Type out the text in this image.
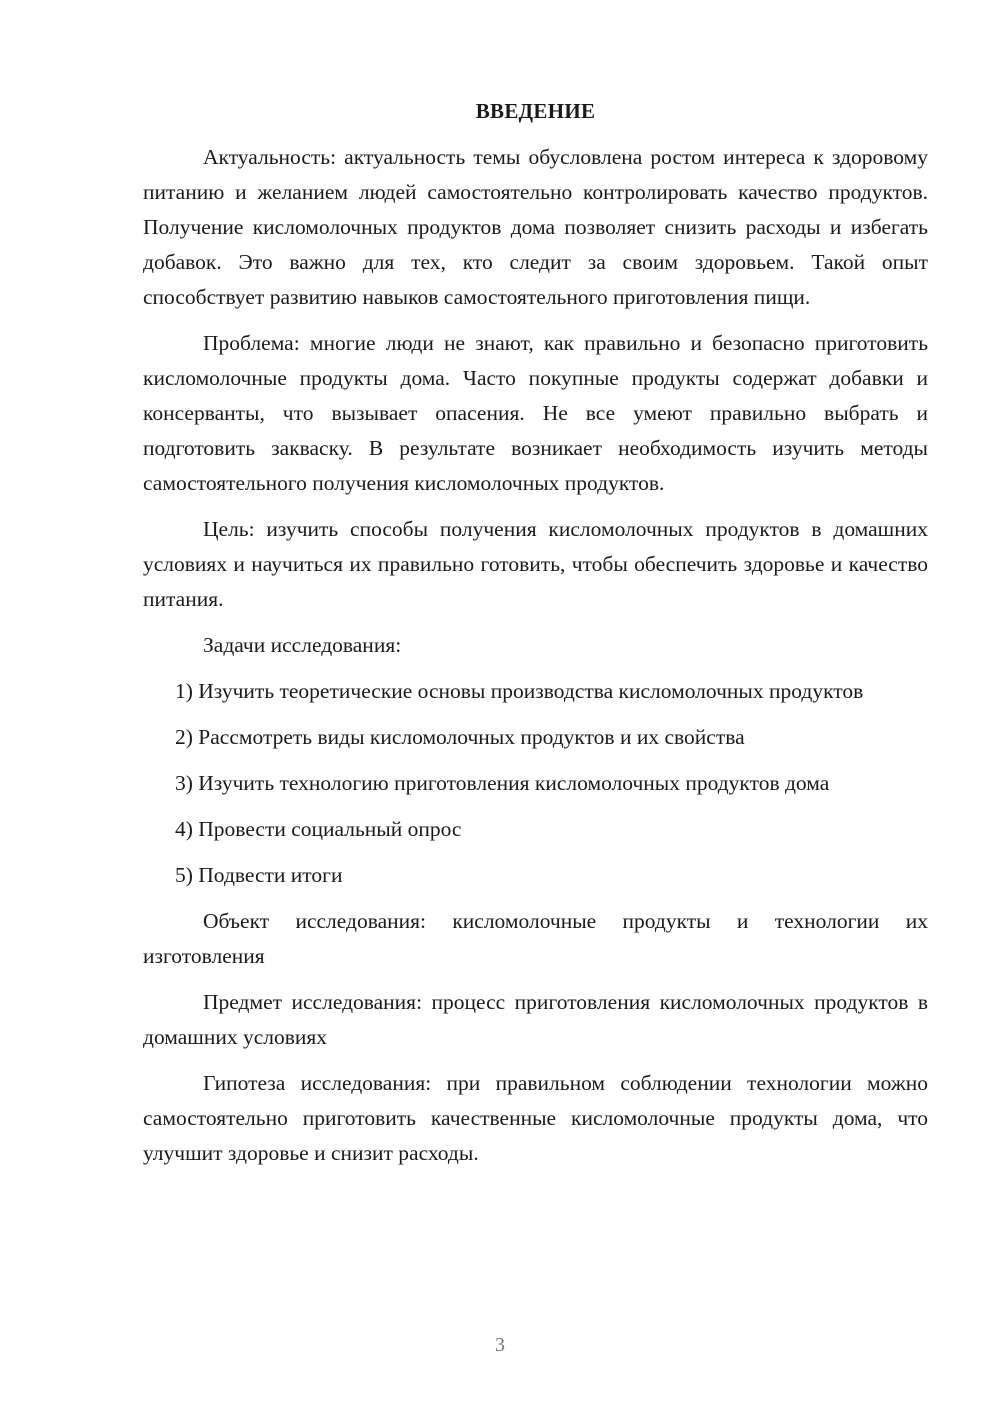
ВВЕДЕНИЕ

Актуальность: актуальность темы обусловлена ростом интереса к здоровому питанию и желанием людей самостоятельно контролировать качество продуктов. Получение кисломолочных продуктов дома позволяет снизить расходы и избегать добавок. Это важно для тех, кто следит за своим здоровьем. Такой опыт способствует развитию навыков самостоятельного приготовления пищи.

Проблема: многие люди не знают, как правильно и безопасно приготовить кисломолочные продукты дома. Часто покупные продукты содержат добавки и консерванты, что вызывает опасения. Не все умеют правильно выбрать и подготовить закваску. В результате возникает необходимость изучить методы самостоятельного получения кисломолочных продуктов.

Цель: изучить способы получения кисломолочных продуктов в домашних условиях и научиться их правильно готовить, чтобы обеспечить здоровье и качество питания.

Задачи исследования:

1) Изучить теоретические основы производства кисломолочных продуктов

2) Рассмотреть виды кисломолочных продуктов и их свойства

3) Изучить технологию приготовления кисломолочных продуктов дома

4) Провести социальный опрос

5) Подвести итоги

Объект исследования: кисломолочные продукты и технологии их изготовления

Предмет исследования: процесс приготовления кисломолочных продуктов в домашних условиях

Гипотеза исследования: при правильном соблюдении технологии можно самостоятельно приготовить качественные кисломолочные продукты дома, что улучшит здоровье и снизит расходы.

3
